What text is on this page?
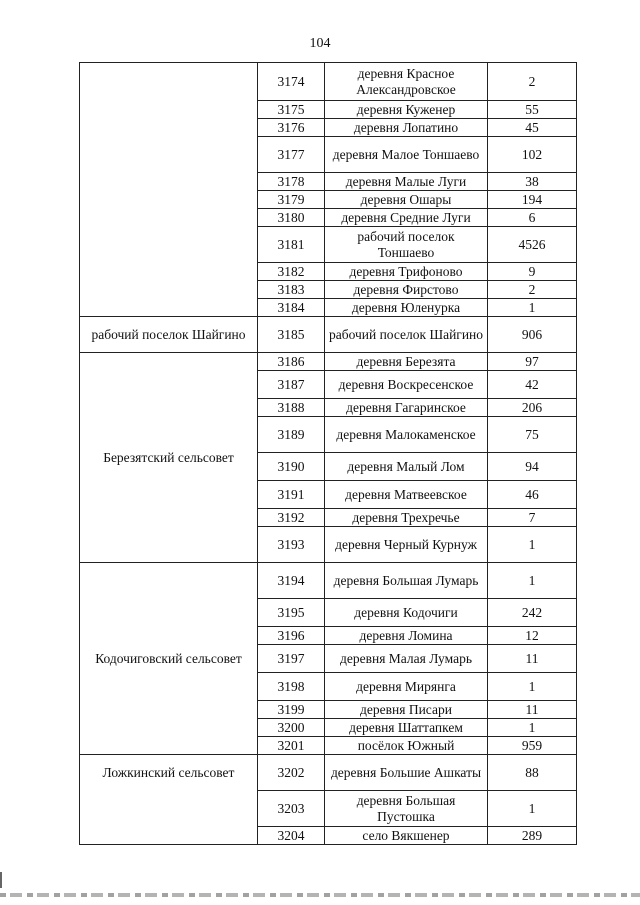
104
	3174	деревня Красное Александровское	2
	3175	деревня Куженер	55
	3176	деревня Лопатино	45
	3177	деревня Малое Тоншаево	102
	3178	деревня Малые Луги	38
	3179	деревня Ошары	194
	3180	деревня Средние Луги	6
	3181	рабочий поселок Тоншаево	4526
	3182	деревня Трифоново	9
	3183	деревня Фирстово	2
	3184	деревня Юленурка	1
рабочий поселок Шайгино	3185	рабочий поселок Шайгино	906
Березятский сельсовет	3186	деревня Березята	97
	3187	деревня Воскресенское	42
	3188	деревня Гагаринское	206
	3189	деревня Малокаменское	75
	3190	деревня Малый Лом	94
	3191	деревня Матвеевское	46
	3192	деревня Трехречье	7
	3193	деревня Черный Курнуж	1
Кодочиговский сельсовет	3194	деревня Большая Лумарь	1
	3195	деревня Кодочиги	242
	3196	деревня Ломина	12
	3197	деревня Малая Лумарь	11
	3198	деревня Мирянга	1
	3199	деревня Писари	11
	3200	деревня Шаттапкем	1
	3201	посёлок Южный	959
Ложкинский сельсовет	3202	деревня Большие Ашкаты	88
	3203	деревня Большая Пустошка	1
	3204	село Вякшенер	289
